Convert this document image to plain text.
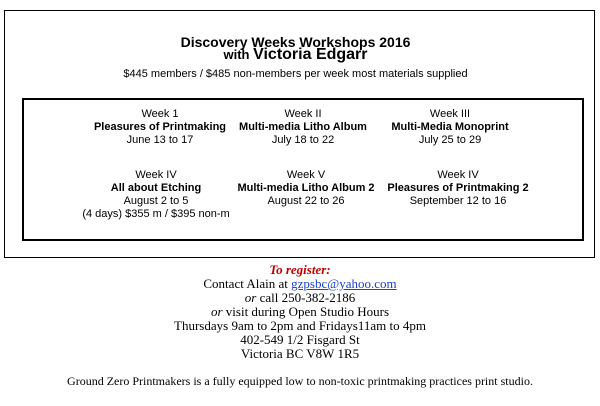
Discovery Weeks Workshops 2016
with Victoria Edgarr
$445 members / $485 non-members per week most materials supplied
Week 1
Pleasures of Printmaking
June 13 to 17
Week II
Multi-media Litho Album
July 18 to 22
Week III
Multi-Media Monoprint
July 25 to 29
Week IV
All about Etching
August 2 to 5
(4 days) $355 m / $395 non-m
Week V
Multi-media Litho Album 2
August 22 to 26
Week IV
Pleasures of Printmaking 2
September 12 to 16
To register:
Contact Alain at gzpsbc@yahoo.com
or call 250-382-2186
or visit during Open Studio Hours
Thursdays 9am to 2pm and Fridays11am to 4pm
402-549 1/2 Fisgard St
Victoria BC V8W 1R5
Ground Zero Printmakers is a fully equipped low to non-toxic printmaking practices print studio.
